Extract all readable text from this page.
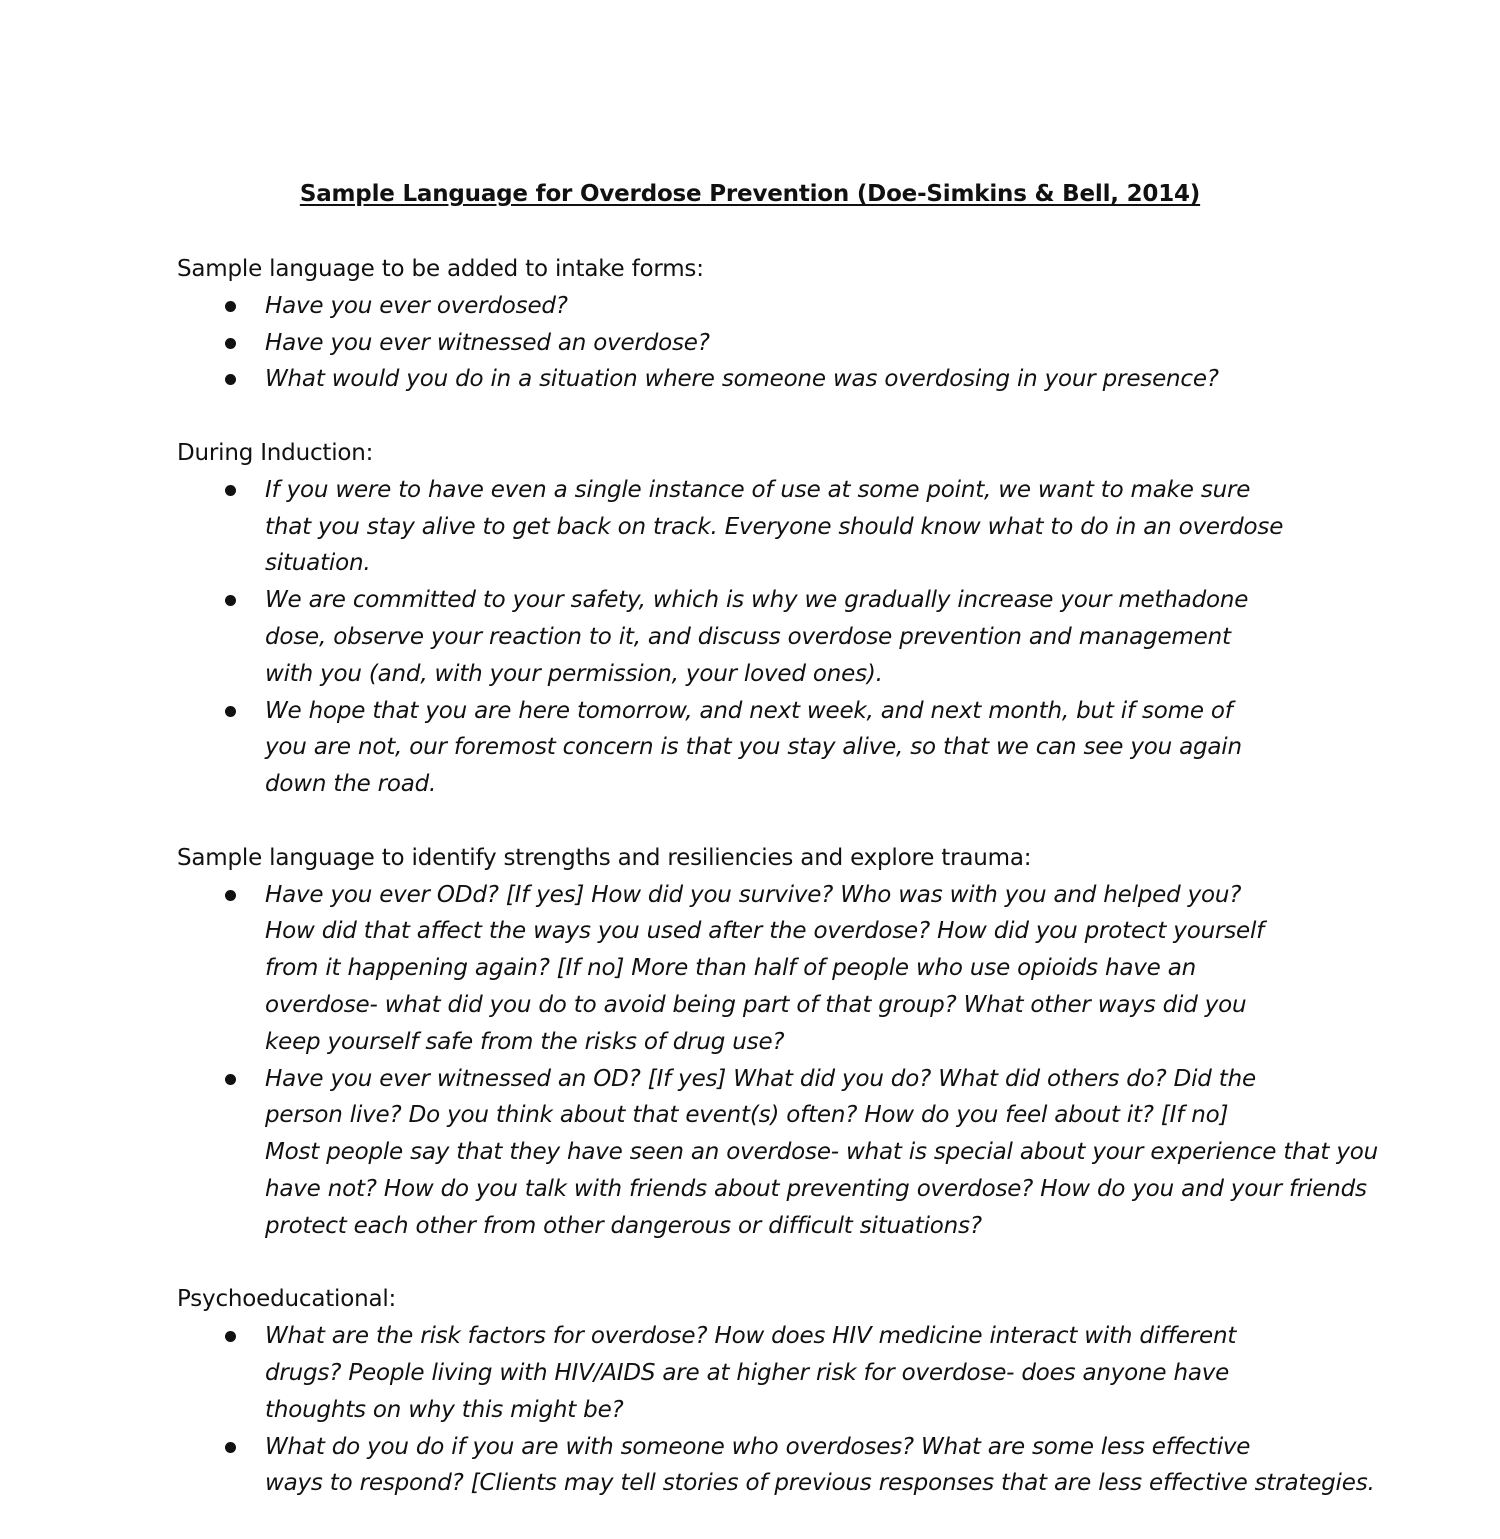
Sample Language for Overdose Prevention (Doe-Simkins & Bell, 2014)
Sample language to be added to intake forms:
Have you ever overdosed?
Have you ever witnessed an overdose?
What would you do in a situation where someone was overdosing in your presence?
During Induction:
If you were to have even a single instance of use at some point, we want to make sure
that you stay alive to get back on track. Everyone should know what to do in an overdose
situation.
We are committed to your safety, which is why we gradually increase your methadone
dose, observe your reaction to it, and discuss overdose prevention and management
with you (and, with your permission, your loved ones).
We hope that you are here tomorrow, and next week, and next month, but if some of
you are not, our foremost concern is that you stay alive, so that we can see you again
down the road.
Sample language to identify strengths and resiliencies and explore trauma:
Have you ever ODd? [If yes] How did you survive? Who was with you and helped you?
How did that affect the ways you used after the overdose? How did you protect yourself
from it happening again? [If no] More than half of people who use opioids have an
overdose- what did you do to avoid being part of that group? What other ways did you
keep yourself safe from the risks of drug use?
Have you ever witnessed an OD? [If yes] What did you do? What did others do? Did the
person live? Do you think about that event(s) often? How do you feel about it? [If no]
Most people say that they have seen an overdose- what is special about your experience that you
have not? How do you talk with friends about preventing overdose? How do you and your friends
protect each other from other dangerous or difficult situations?
Psychoeducational:
What are the risk factors for overdose? How does HIV medicine interact with different
drugs? People living with HIV/AIDS are at higher risk for overdose- does anyone have
thoughts on why this might be?
What do you do if you are with someone who overdoses? What are some less effective
ways to respond? [Clients may tell stories of previous responses that are less effective strategies.
